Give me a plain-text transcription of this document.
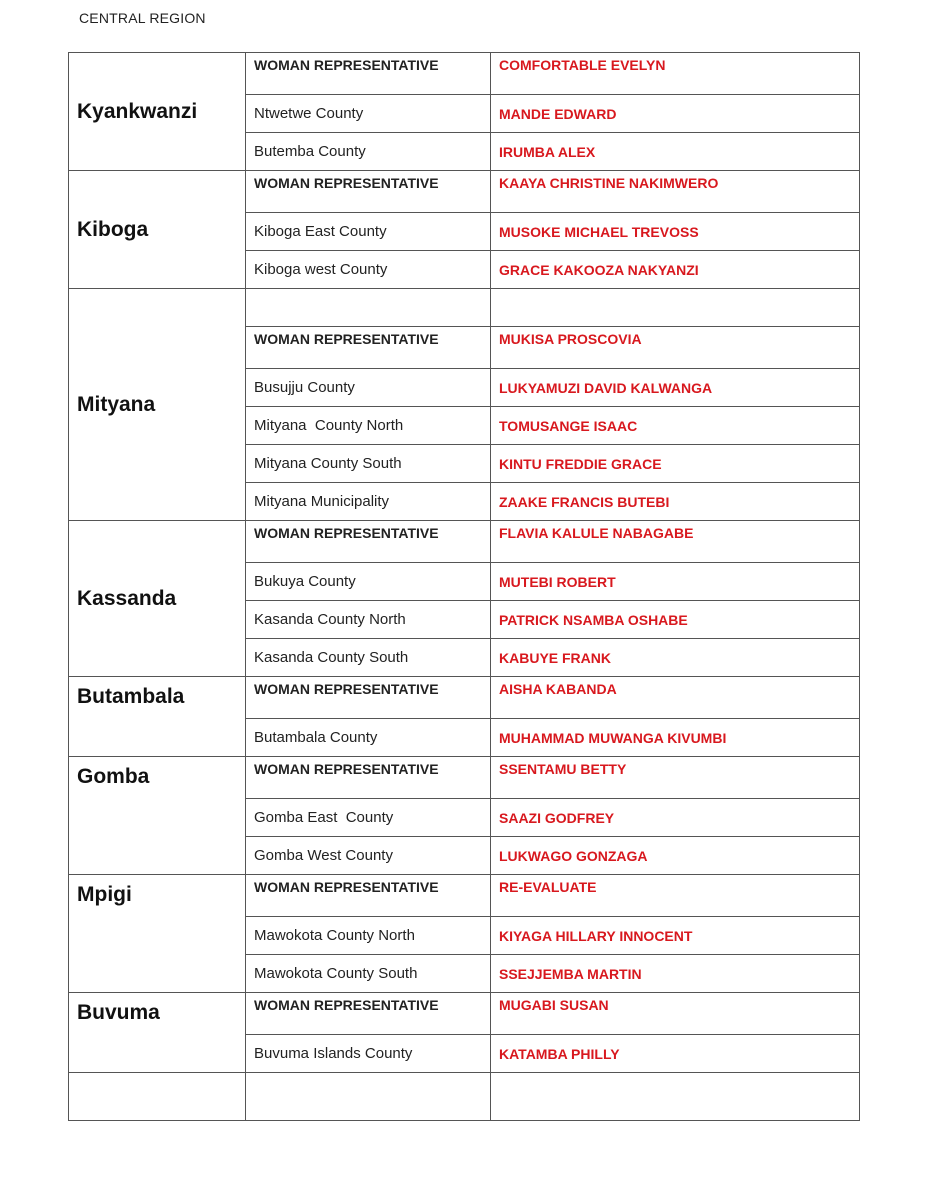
CENTRAL REGION
Kyankwanzi	WOMAN REPRESENTATIVE	COMFORTABLE EVELYN
	Ntwetwe County	MANDE EDWARD
	Butemba County	IRUMBA ALEX
Kiboga	WOMAN REPRESENTATIVE	KAAYA CHRISTINE NAKIMWERO
	Kiboga East County	MUSOKE MICHAEL TREVOSS
	Kiboga west County	GRACE KAKOOZA NAKYANZI
Mityana		
	WOMAN REPRESENTATIVE	MUKISA PROSCOVIA
	Busujju County	LUKYAMUZI DAVID KALWANGA
	Mityana  County North	TOMUSANGE ISAAC
	Mityana County South	KINTU FREDDIE GRACE
	Mityana Municipality	ZAAKE FRANCIS BUTEBI
Kassanda	WOMAN REPRESENTATIVE	FLAVIA KALULE NABAGABE
	Bukuya County	MUTEBI ROBERT
	Kasanda County North	PATRICK NSAMBA OSHABE
	Kasanda County South	KABUYE FRANK
Butambala	WOMAN REPRESENTATIVE	AISHA KABANDA
	Butambala County	MUHAMMAD MUWANGA KIVUMBI
Gomba	WOMAN REPRESENTATIVE	SSENTAMU BETTY
	Gomba East  County	SAAZI GODFREY
	Gomba West County	LUKWAGO GONZAGA
Mpigi	WOMAN REPRESENTATIVE	RE-EVALUATE
	Mawokota County North	KIYAGA HILLARY INNOCENT
	Mawokota County South	SSEJJEMBA MARTIN
Buvuma	WOMAN REPRESENTATIVE	MUGABI SUSAN
	Buvuma Islands County	KATAMBA PHILLY
